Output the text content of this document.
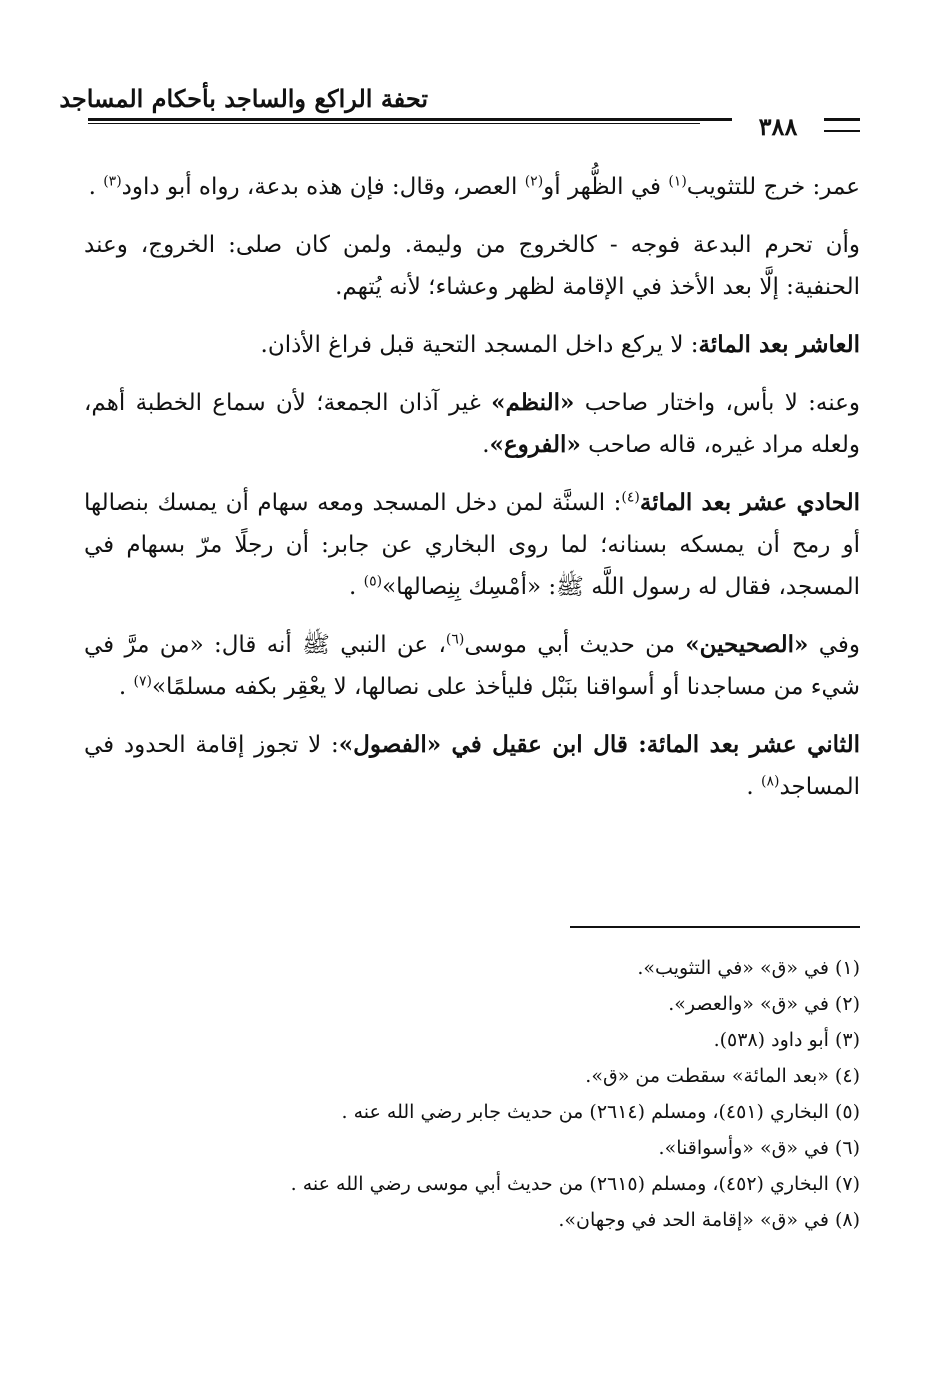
تحفة الراكع والساجد بأحكام المساجد
٣٨٨

عمر: خرج للتثويب$^{(١)}$ في الظُّهر أو$^{(٢)}$ العصر، وقال: فإن هذه بدعة، رواه أبو داود$^{(٣)}$ .

وأن تحرم البدعة فوجه - كالخروج من وليمة. ولمن كان صلى: الخروج، وعند الحنفية: إلَّا بعد الأخذ في الإقامة لظهر وعشاء؛ لأنه يُتهم.

العاشر بعد المائة: لا يركع داخل المسجد التحية قبل فراغ الأذان.

وعنه: لا بأس، واختار صاحب «النظم» غير آذان الجمعة؛ لأن سماع الخطبة أهم، ولعله مراد غيره، قاله صاحب «الفروع».

الحادي عشر بعد المائة$^{(٤)}$: السنَّة لمن دخل المسجد ومعه سهام أن يمسك بنصالها أو رمح أن يمسكه بسنانه؛ لما روى البخاري عن جابر: أن رجلًا مرّ بسهام في المسجد، فقال له رسول اللَّه ﷺ: «أمْسِك بِنِصالها»$^{(٥)}$ .

وفي «الصحيحين» من حديث أبي موسى$^{(٦)}$، عن النبي ﷺ أنه قال: «من مرَّ في شيء من مساجدنا أو أسواقنا بنَبْل فليأخذ على نصالها، لا يعْقِر بكفه مسلمًا»$^{(٧)}$ .

الثاني عشر بعد المائة: قال ابن عقيل في «الفصول»: لا تجوز إقامة الحدود في المساجد$^{(٨)}$ .

(١) في «ق» «في التثويب».
(٢) في «ق» «والعصر».
(٣) أبو داود (٥٣٨).
(٤) «بعد المائة» سقطت من «ق».
(٥) البخاري (٤٥١)، ومسلم (٢٦١٤) من حديث جابر رضي الله عنه .
(٦) في «ق» «وأسواقنا».
(٧) البخاري (٤٥٢)، ومسلم (٢٦١٥) من حديث أبي موسى رضي الله عنه .
(٨) في «ق» «إقامة الحد في وجهان».
